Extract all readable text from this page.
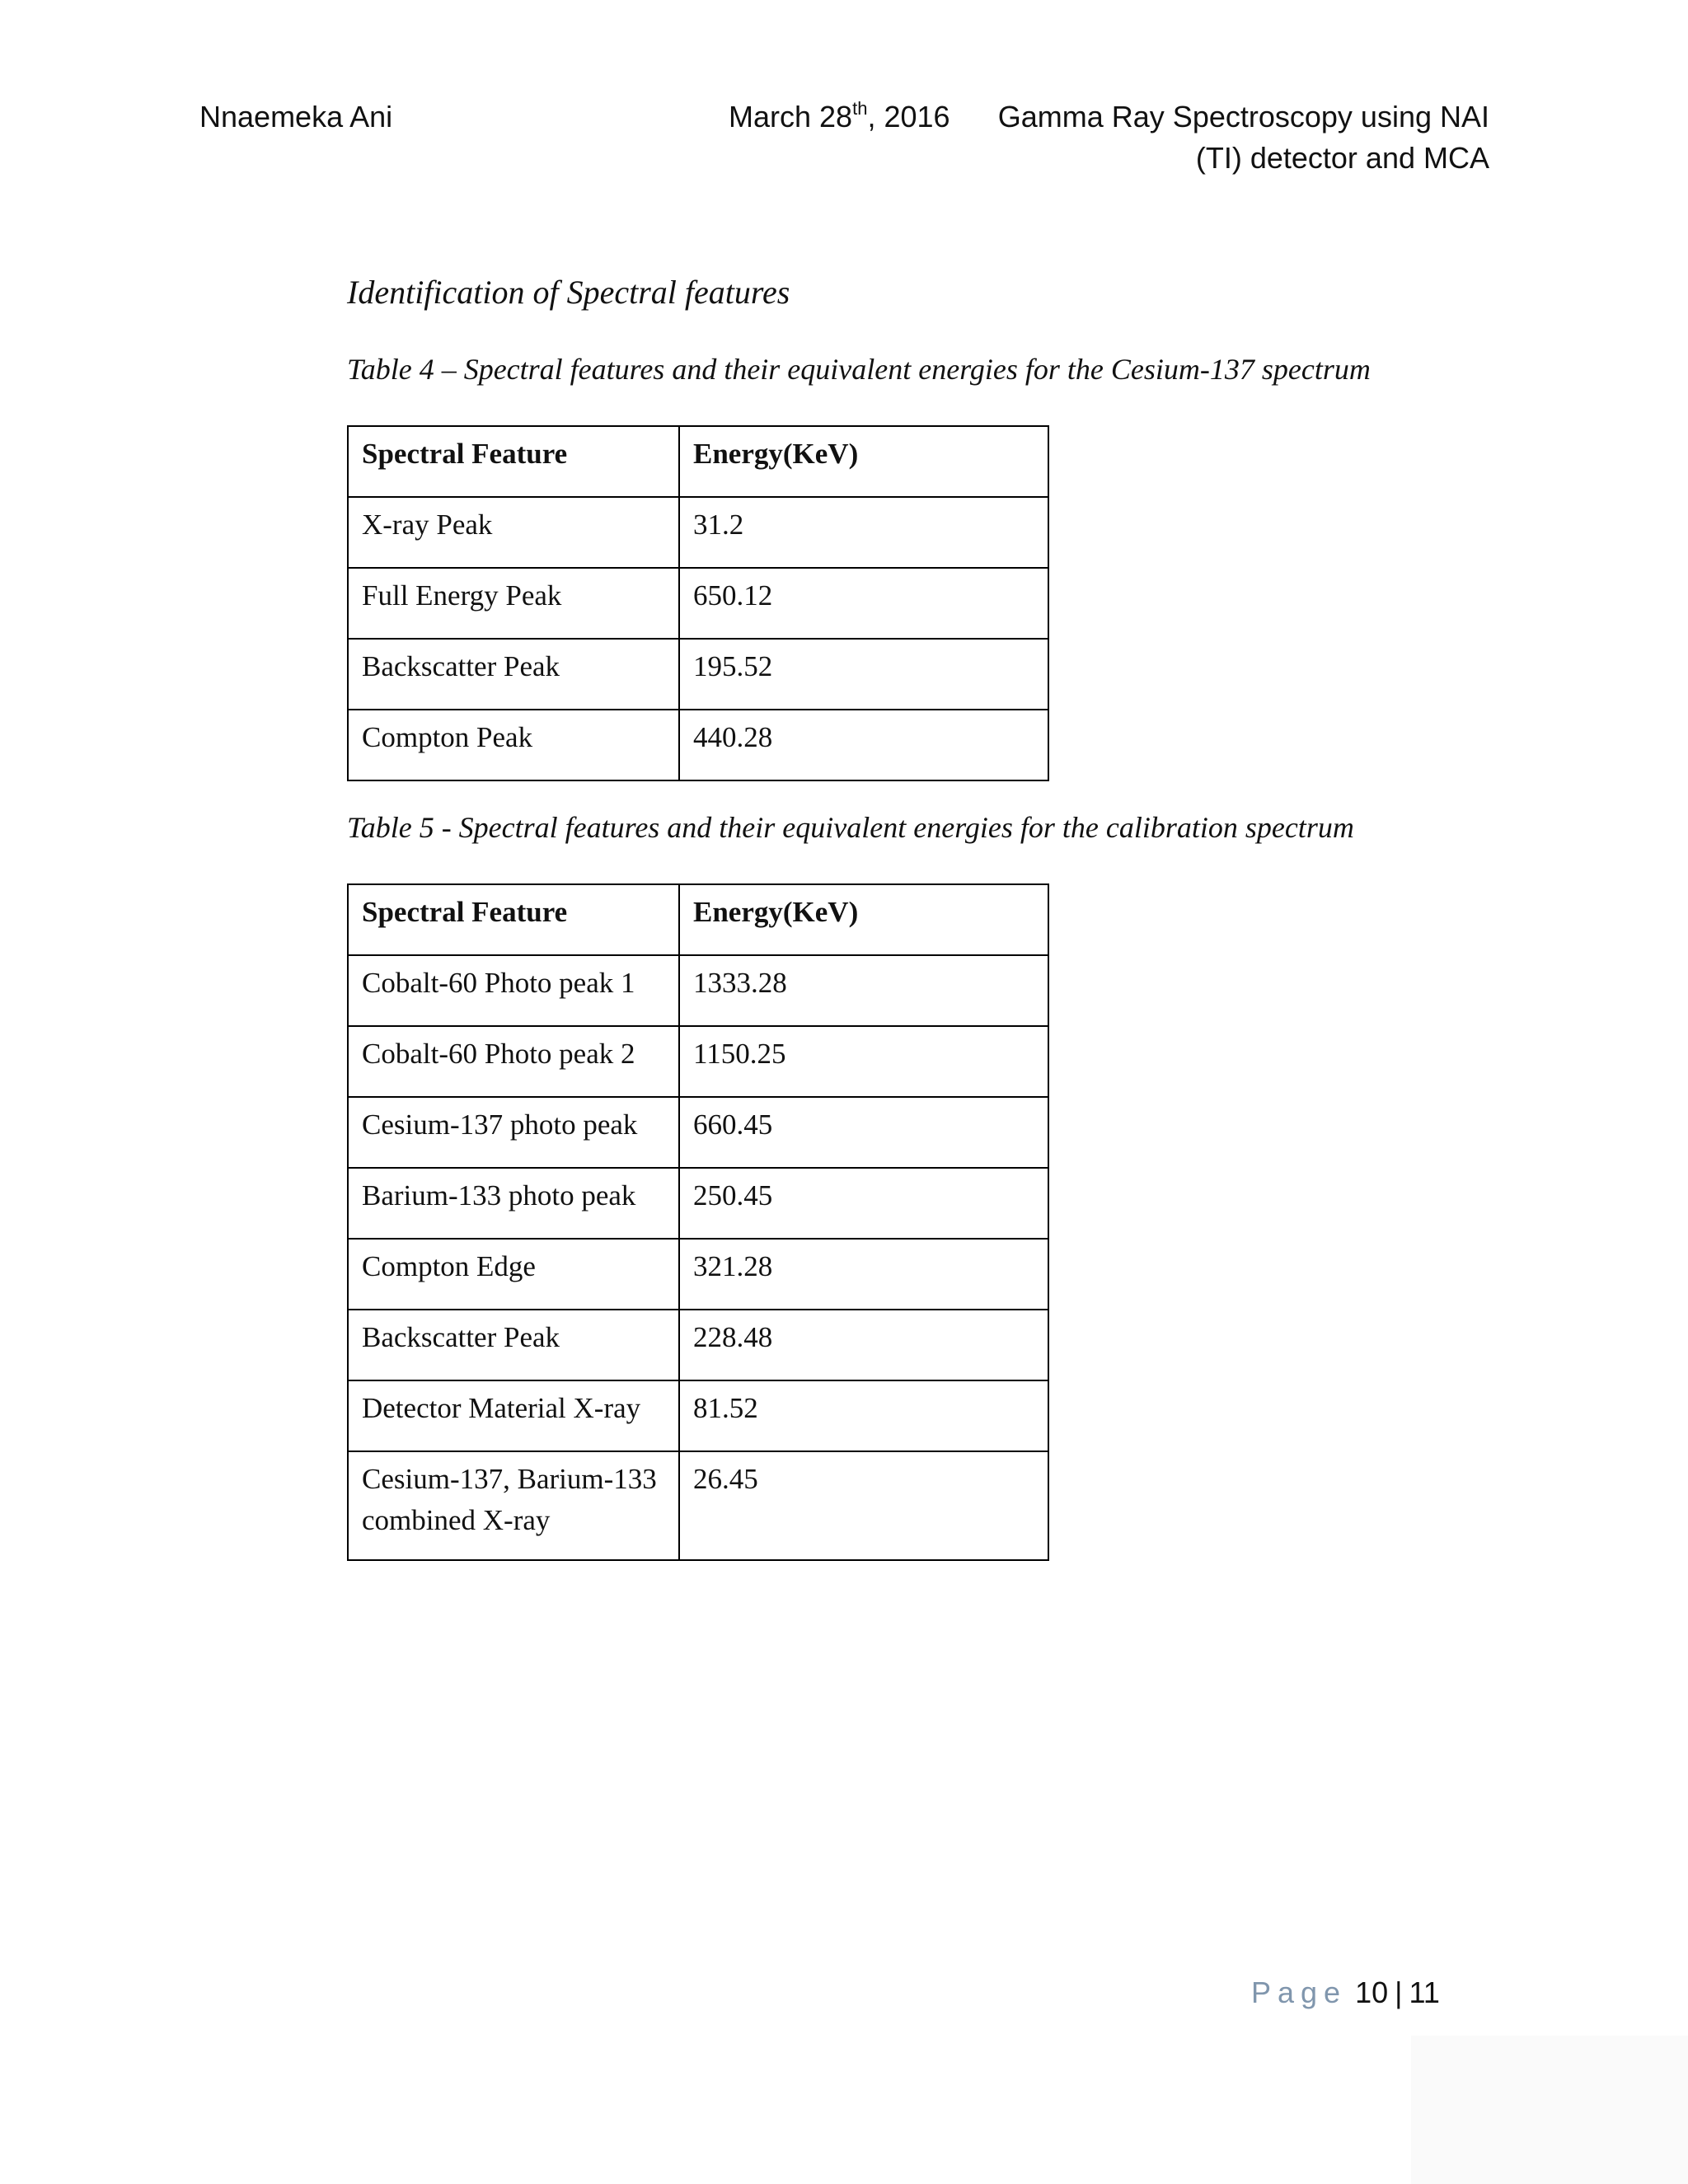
Nnaemeka Ani	March 28th, 2016 Gamma Ray Spectroscopy using NAI
(TI) detector and MCA
Identification of Spectral features
Table 4 – Spectral features and their equivalent energies for the Cesium-137 spectrum
Spectral Feature	Energy(KeV)
X-ray Peak	31.2
Full Energy Peak	650.12
Backscatter Peak	195.52
Compton Peak	440.28
Table 5 - Spectral features and their equivalent energies for the calibration spectrum
Spectral Feature	Energy(KeV)
Cobalt-60 Photo peak 1	1333.28
Cobalt-60 Photo peak 2	1150.25
Cesium-137 photo peak	660.45
Barium-133 photo peak	250.45
Compton Edge	321.28
Backscatter Peak	228.48
Detector Material X-ray	81.52
Cesium-137, Barium-133 combined X-ray	26.45
Page 10 | 11
